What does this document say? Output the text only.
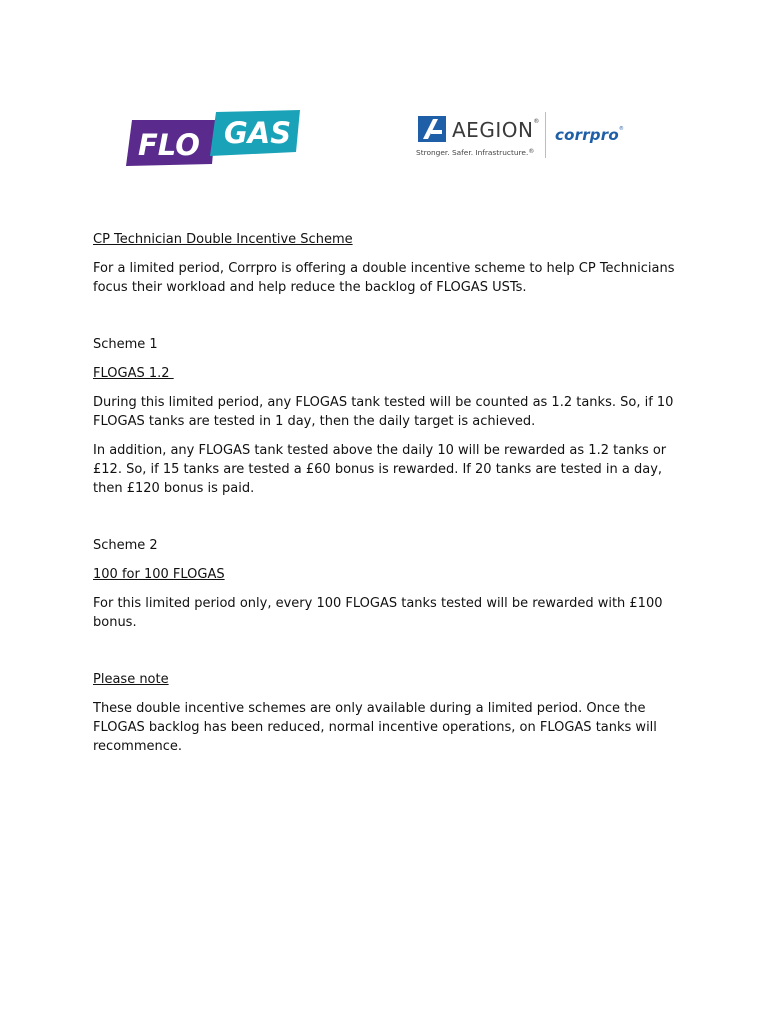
FLO GAS	AEGION®
Stronger. Safer. Infrastructure.®
corrpro®

CP Technician Double Incentive Scheme

For a limited period, Corrpro is offering a double incentive scheme to help CP Technicians focus their workload and help reduce the backlog of FLOGAS USTs.

Scheme 1

FLOGAS 1.2

During this limited period, any FLOGAS tank tested will be counted as 1.2 tanks. So, if 10 FLOGAS tanks are tested in 1 day, then the daily target is achieved.

In addition, any FLOGAS tank tested above the daily 10 will be rewarded as 1.2 tanks or £12. So, if 15 tanks are tested a £60 bonus is rewarded. If 20 tanks are tested in a day, then £120 bonus is paid.

Scheme 2

100 for 100 FLOGAS

For this limited period only, every 100 FLOGAS tanks tested will be rewarded with £100 bonus.

Please note

These double incentive schemes are only available during a limited period. Once the FLOGAS backlog has been reduced, normal incentive operations, on FLOGAS tanks will recommence.
